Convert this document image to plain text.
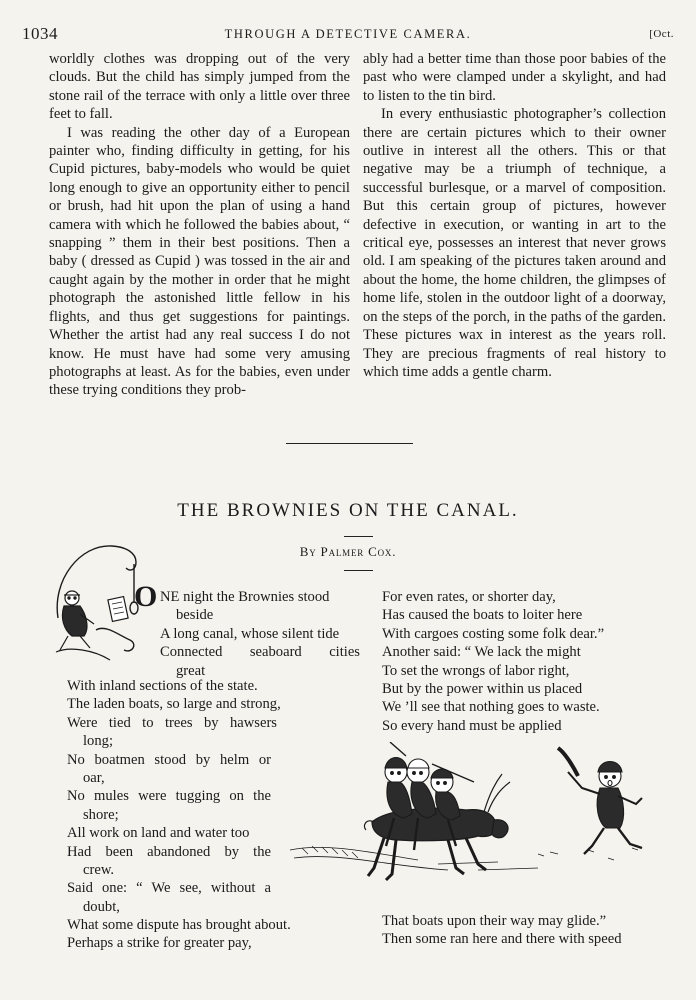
1034	THROUGH A DETECTIVE CAMERA.	[Oct.

worldly clothes was dropping out of the very clouds. But the child has simply jumped from the stone rail of the terrace with only a little over three feet to fall.

I was reading the other day of a European painter who, finding difficulty in getting, for his Cupid pictures, baby-models who would be quiet long enough to give an opportunity either to pencil or brush, had hit upon the plan of using a hand camera with which he followed the babies about, “ snapping ” them in their best positions. Then a baby ( dressed as Cupid ) was tossed in the air and caught again by the mother in order that he might photograph the astonished little fellow in his flights, and thus get suggestions for paintings. Whether the artist had any real success I do not know. He must have had some very amusing photographs at least. As for the babies, even under these trying conditions they prob-

ably had a better time than those poor babies of the past who were clamped under a skylight, and had to listen to the tin bird.

In every enthusiastic photographer’s collection there are certain pictures which to their owner outlive in interest all the others. This or that negative may be a triumph of technique, a successful burlesque, or a marvel of composition. But this certain group of pictures, however defective in execution, or wanting in art to the critical eye, possesses an interest that never grows old. I am speaking of the pictures taken around and about the home, the home children, the glimpses of home life, stolen in the outdoor light of a doorway, on the steps of the porch, in the paths of the garden. These pictures wax in interest as the years roll. They are precious fragments of real history to which time adds a gentle charm.

THE BROWNIES ON THE CANAL.
By Palmer Cox.
O NE night the Brownies stood
beside
A long canal, whose silent tide
Connected seaboard cities
great
With inland sections of the state.
The laden boats, so large and strong,
Were tied to trees by hawsers
long;
No boatmen stood by helm or
oar,
No mules were tugging on the
shore;
All work on land and water too
Had been abandoned by the
crew.
Said one: “ We see, without a
doubt,
What some dispute has brought about.
Perhaps a strike for greater pay,
For even rates, or shorter day,
Has caused the boats to loiter here
With cargoes costing some folk dear.”
Another said: “ We lack the might
To set the wrongs of labor right,
But by the power within us placed
We ’ll see that nothing goes to waste.
So every hand must be applied
That boats upon their way may glide.”
Then some ran here and there with speed
